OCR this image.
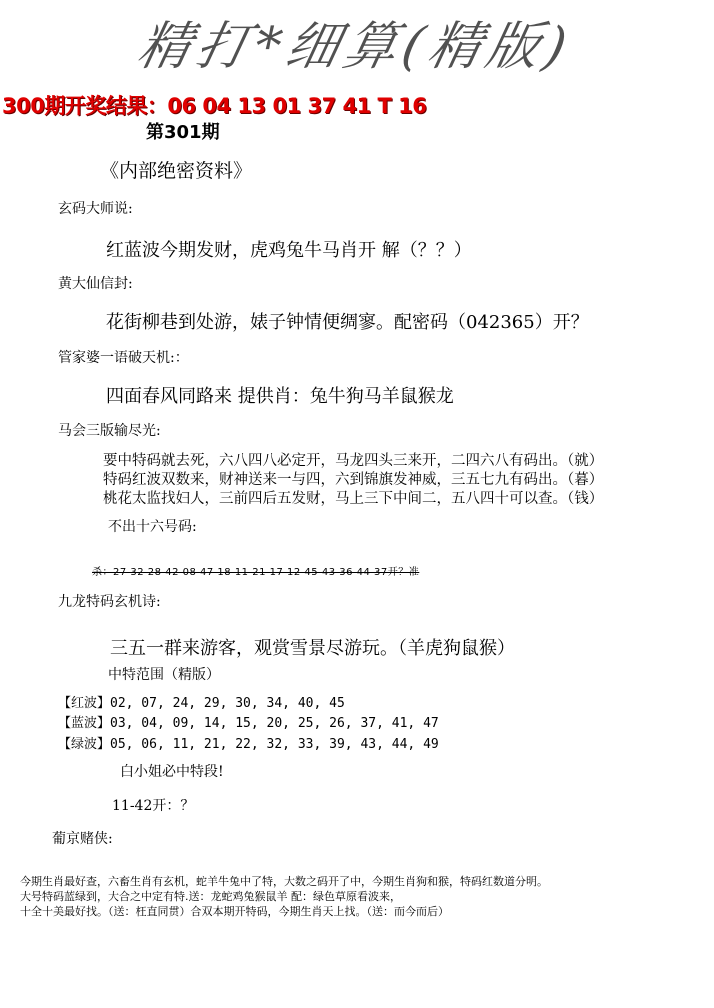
精打*细算(精版)
300期开奖结果：06 04 13 01 37 41 T 16
第301期
《内部绝密资料》
玄码大师说:
红蓝波今期发财，虎鸡兔牛马肖开 解（？？）
黄大仙信封:
花街柳巷到处游，婊子钟情便绸寥。配密码（042365）开？
管家婆一语破天机:：
四面春风同路来 提供肖：兔牛狗马羊鼠猴龙
马会三版输尽光:
要中特码就去死，六八四八必定开，马龙四头三来开，二四六八有码出。（就）
特码红波双数来，财神送来一与四，六到锦旗发神威，三五七九有码出。（暮）
桃花太监找妇人，三前四后五发财，马上三下中间二，五八四十可以查。（钱）
不出十六号码:
杀：27 32 28 42 08 47 18 11 21 17 12 45 43 36 44 37开？准
九龙特码玄机诗:
三五一群来游客，观赏雪景尽游玩。（羊虎狗鼠猴）
中特范围（精版）
【红波】02, 07, 24, 29, 30, 34, 40, 45
【蓝波】03, 04, 09, 14, 15, 20, 25, 26, 37, 41, 47
【绿波】05, 06, 11, 21, 22, 32, 33, 39, 43, 44, 49
白小姐必中特段!
11-42开：？
葡京赌侠:
今期生肖最好查，六畜生肖有玄机，蛇羊牛兔中了特，大数之码开了中，今期生肖狗和猴，特码红数道分明。
大号特码蓝绿到，大合之中定有特.送：龙蛇鸡兔猴鼠羊 配：绿色草原看波来，
十全十美最好找。（送：枉直同贯）合双本期开特码，今期生肖天上找。（送：而今而后）
